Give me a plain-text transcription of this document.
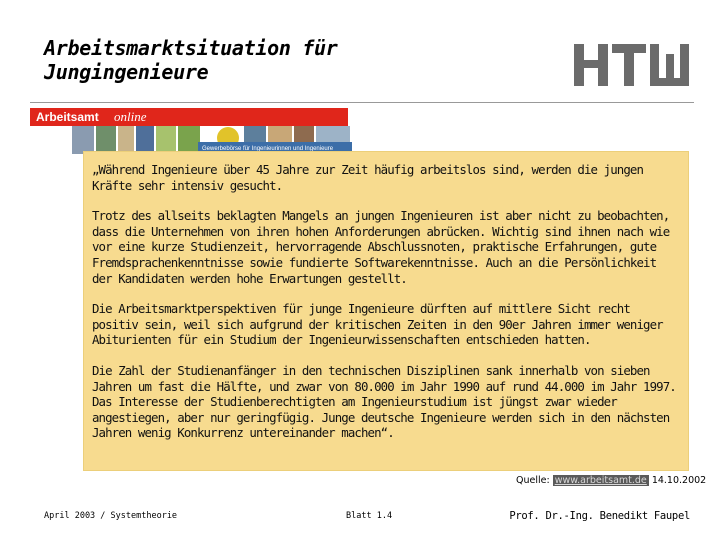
Arbeitsmarktsituation für
Jungingenieure
HTW
Arbeitsamt online
Gewerbebörse für Ingenieurinnen und Ingenieure

„Während Ingenieure über 45 Jahre zur Zeit häufig arbeitslos sind, werden die jungen Kräfte sehr intensiv gesucht.

Trotz des allseits beklagten Mangels an jungen Ingenieuren ist aber nicht zu beobachten, dass die Unternehmen von ihren hohen Anforderungen abrücken. Wichtig sind ihnen nach wie vor eine kurze Studienzeit, hervorragende Abschlussnoten, praktische Erfahrungen, gute Fremdsprachenkenntnisse sowie fundierte Softwarekenntnisse. Auch an die Persönlichkeit der Kandidaten werden hohe Erwartungen gestellt.

Die Arbeitsmarktperspektiven für junge Ingenieure dürften auf mittlere Sicht recht positiv sein, weil sich aufgrund der kritischen Zeiten in den 90er Jahren immer weniger Abiturienten für ein Studium der Ingenieurwissenschaften entschieden hatten.

Die Zahl der Studienanfänger in den technischen Disziplinen sank innerhalb von sieben Jahren um fast die Hälfte, und zwar von 80.000 im Jahr 1990 auf rund 44.000 im Jahr 1997. Das Interesse der Studienberechtigten am Ingenieurstudium ist jüngst zwar wieder angestiegen, aber nur geringfügig. Junge deutsche Ingenieure werden sich in den nächsten Jahren wenig Konkurrenz untereinander machen“.

Quelle: www.arbeitsamt.de 14.10.2002
April 2003 / Systemtheorie	Blatt 1.4	Prof. Dr.-Ing. Benedikt Faupel
